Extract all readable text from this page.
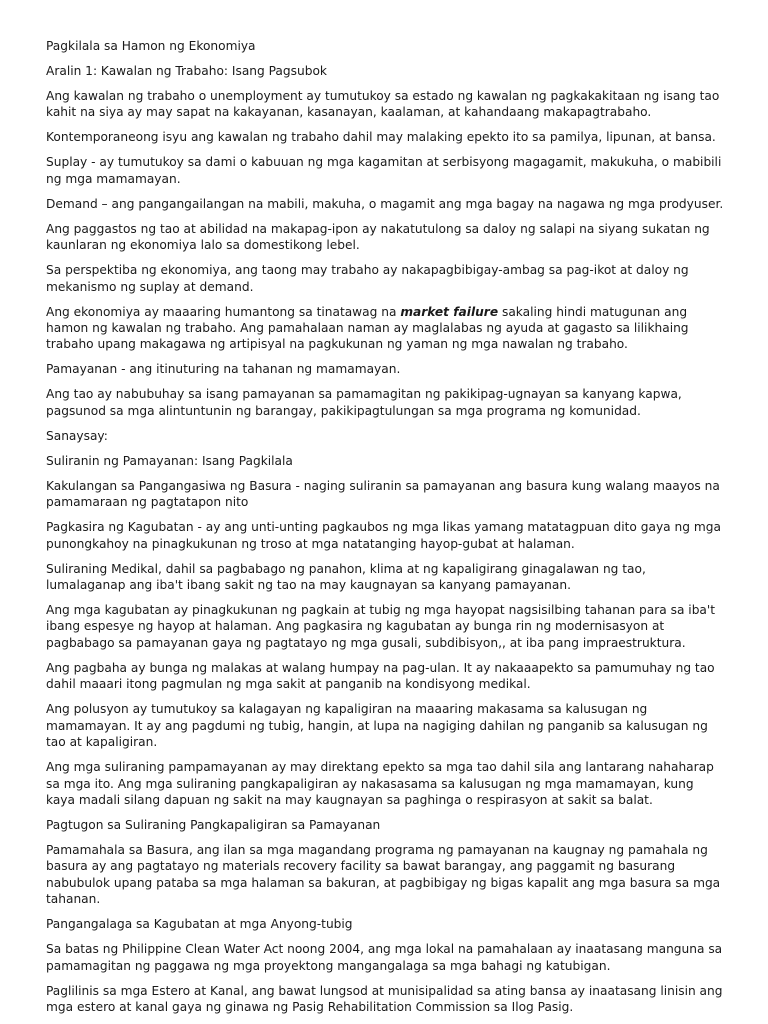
Pagkilala sa Hamon ng Ekonomiya

Aralin 1: Kawalan ng Trabaho: Isang Pagsubok

Ang kawalan ng trabaho o unemployment ay tumutukoy sa estado ng kawalan ng pagkakakitaan ng isang tao kahit na siya ay may sapat na kakayanan, kasanayan, kaalaman, at kahandaang makapagtrabaho.

Kontemporaneong isyu ang kawalan ng trabaho dahil may malaking epekto ito sa pamilya, lipunan, at bansa.

Suplay - ay tumutukoy sa dami o kabuuan ng mga kagamitan at serbisyong magagamit, makukuha, o mabibili ng mga mamamayan.

Demand – ang pangangailangan na mabili, makuha, o magamit ang mga bagay na nagawa ng mga prodyuser.

Ang paggastos ng tao at abilidad na makapag-ipon ay nakatutulong sa daloy ng salapi na siyang sukatan ng kaunlaran ng ekonomiya lalo sa domestikong lebel.

Sa perspektiba ng ekonomiya, ang taong may trabaho ay nakapagbibigay-ambag sa pag-ikot at daloy ng mekanismo ng suplay at demand.

Ang ekonomiya ay maaaring humantong sa tinatawag na market failure sakaling hindi matugunan ang hamon ng kawalan ng trabaho. Ang pamahalaan naman ay maglalabas ng ayuda at gagasto sa lilikhaing trabaho upang makagawa ng artipisyal na pagkukunan ng yaman ng mga nawalan ng trabaho.

Pamayanan - ang itinuturing na tahanan ng mamamayan.

Ang tao ay nabubuhay sa isang pamayanan sa pamamagitan ng pakikipag-ugnayan sa kanyang kapwa, pagsunod sa mga alintuntunin ng barangay, pakikipagtulungan sa mga programa ng komunidad.

Sanaysay:

Suliranin ng Pamayanan: Isang Pagkilala

Kakulangan sa Pangangasiwa ng Basura - naging suliranin sa pamayanan ang basura kung walang maayos na pamamaraan ng pagtatapon nito

Pagkasira ng Kagubatan - ay ang unti-unting pagkaubos ng mga likas yamang matatagpuan dito gaya ng mga punongkahoy na pinagkukunan ng troso at mga natatanging hayop-gubat at halaman.

Suliraning Medikal, dahil sa pagbabago ng panahon, klima at ng kapaligirang ginagalawan ng tao, lumalaganap ang iba't ibang sakit ng tao na may kaugnayan sa kanyang pamayanan.

Ang mga kagubatan ay pinagkukunan ng pagkain at tubig ng mga hayopat nagsisilbing tahanan para sa iba't ibang espesye ng hayop at halaman. Ang pagkasira ng kagubatan ay bunga rin ng modernisasyon at pagbabago sa pamayanan gaya ng pagtatayo ng mga gusali, subdibisyon,, at iba pang impraestruktura.

Ang pagbaha ay bunga ng malakas at walang humpay na pag-ulan. It ay nakaaapekto sa pamumuhay ng tao dahil maaari itong pagmulan ng mga sakit at panganib na kondisyong medikal.

Ang polusyon ay tumutukoy sa kalagayan ng kapaligiran na maaaring makasama sa kalusugan ng mamamayan. It ay ang pagdumi ng tubig, hangin, at lupa na nagiging dahilan ng panganib sa kalusugan ng tao at kapaligiran.

Ang mga suliraning pampamayanan ay may direktang epekto sa mga tao dahil sila ang lantarang nahaharap sa mga ito. Ang mga suliraning pangkapaligiran ay nakasasama sa kalusugan ng mga mamamayan, kung kaya madali silang dapuan ng sakit na may kaugnayan sa paghinga o respirasyon at sakit sa balat.

Pagtugon sa Suliraning Pangkapaligiran sa Pamayanan

Pamamahala sa Basura, ang ilan sa mga magandang programa ng pamayanan na kaugnay ng pamahala ng basura ay ang pagtatayo ng materials recovery facility sa bawat barangay, ang paggamit ng basurang nabubulok upang pataba sa mga halaman sa bakuran, at pagbibigay ng bigas kapalit ang mga basura sa mga tahanan.

Pangangalaga sa Kagubatan at mga Anyong-tubig

Sa batas ng Philippine Clean Water Act noong 2004, ang mga lokal na pamahalaan ay inaatasang manguna sa pamamagitan ng paggawa ng mga proyektong mangangalaga sa mga bahagi ng katubigan.

Paglilinis sa mga Estero at Kanal, ang bawat lungsod at munisipalidad sa ating bansa ay inaatasang linisin ang mga estero at kanal gaya ng ginawa ng Pasig Rehabilitation Commission sa Ilog Pasig.
